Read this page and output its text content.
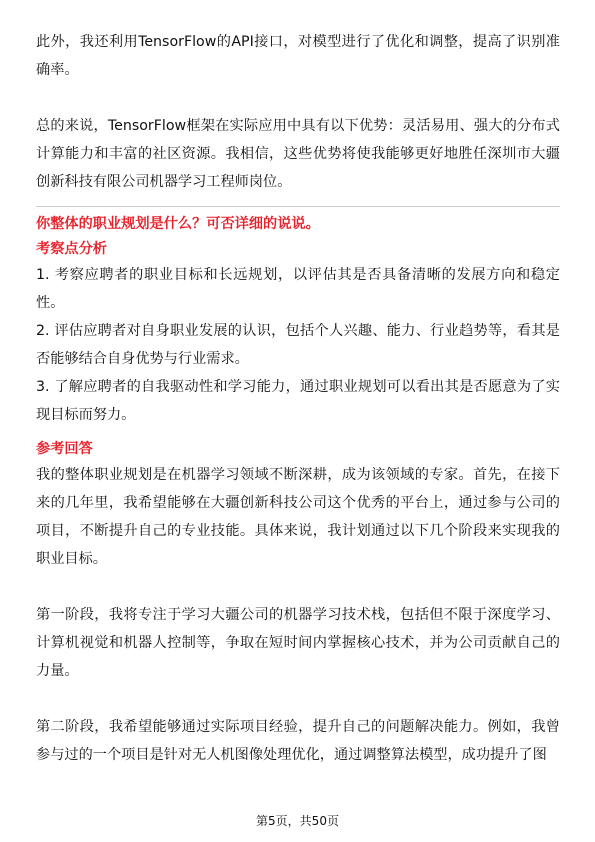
此外，我还利用TensorFlow的API接口，对模型进行了优化和调整，提高了识别准确率。

总的来说，TensorFlow框架在实际应用中具有以下优势：灵活易用、强大的分布式计算能力和丰富的社区资源。我相信，这些优势将使我能够更好地胜任深圳市大疆创新科技有限公司机器学习工程师岗位。

你整体的职业规划是什么？可否详细的说说。

考察点分析

1. 考察应聘者的职业目标和长远规划，以评估其是否具备清晰的发展方向和稳定性。

2. 评估应聘者对自身职业发展的认识，包括个人兴趣、能力、行业趋势等，看其是否能够结合自身优势与行业需求。

3. 了解应聘者的自我驱动性和学习能力，通过职业规划可以看出其是否愿意为了实现目标而努力。

参考回答

我的整体职业规划是在机器学习领域不断深耕，成为该领域的专家。首先，在接下来的几年里，我希望能够在大疆创新科技公司这个优秀的平台上，通过参与公司的项目，不断提升自己的专业技能。具体来说，我计划通过以下几个阶段来实现我的职业目标。

第一阶段，我将专注于学习大疆公司的机器学习技术栈，包括但不限于深度学习、计算机视觉和机器人控制等，争取在短时间内掌握核心技术，并为公司贡献自己的力量。

第二阶段，我希望能够通过实际项目经验，提升自己的问题解决能力。例如，我曾参与过的一个项目是针对无人机图像处理优化，通过调整算法模型，成功提升了图

第5页，共50页
